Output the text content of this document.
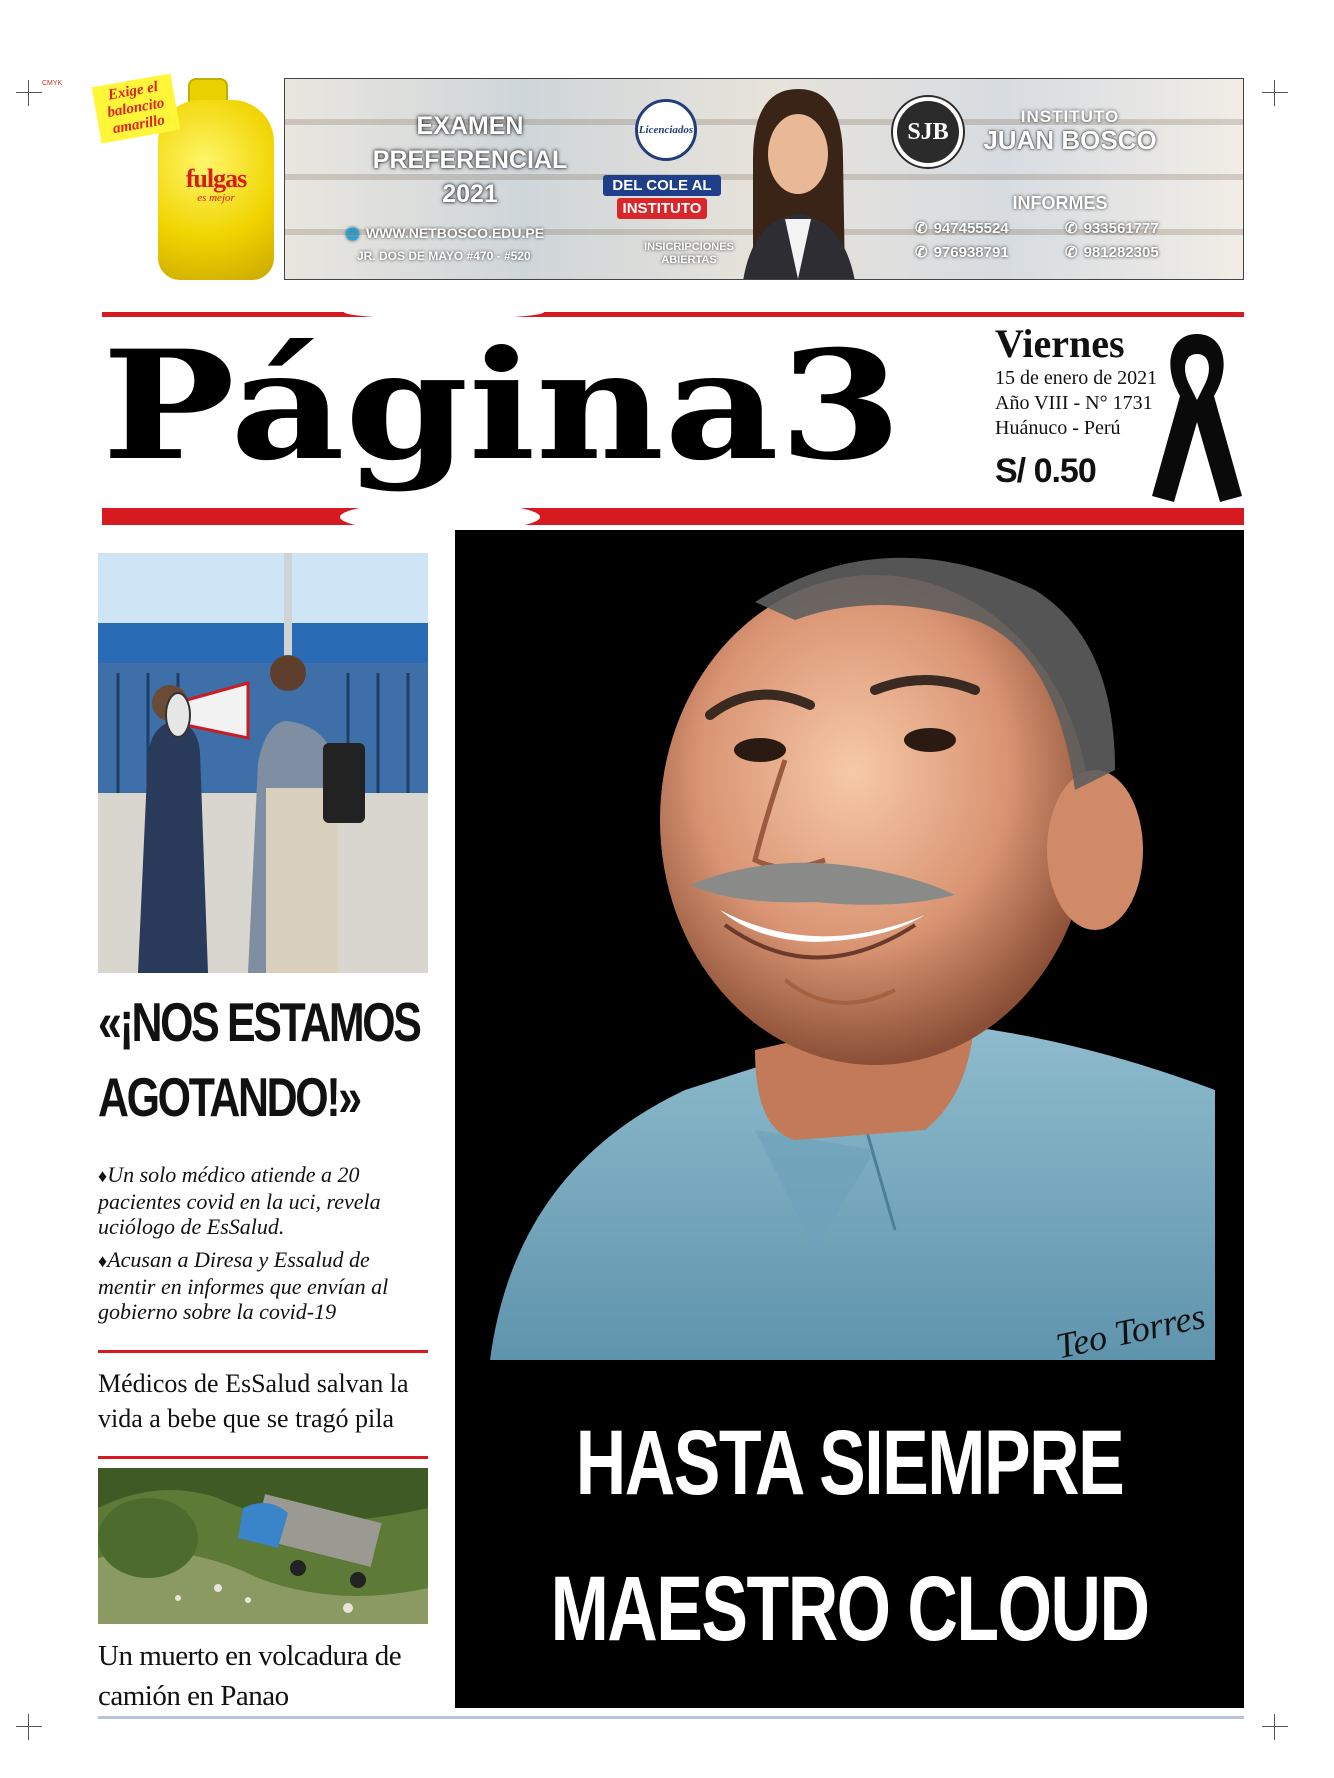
CMYK
fulgas
es mejor
Exige el baloncito amarillo	EXAMEN
PREFERENCIAL
2021
🌐 WWW.NETBOSCO.EDU.PE
JR. DOS DE MAYO #470 - #520
Licenciados
DEL COLE AL
INSTITUTO
INSICRIPCIONES ABIERTAS
SJB
INSTITUTO
JUAN BOSCO
INFORMES
✆ 947455524	✆ 933561777
✆ 976938791	✆ 981282305
Página3 Viernes
15 de enero de 2021
Año VIII - N° 1731
Huánuco - Perú
S/ 0.50
«¡NOS ESTAMOS
AGOTANDO!»

♦ Un solo médico atiende a 20 pacientes covid en la uci, revela uciólogo de EsSalud.

♦ Acusan a Diresa y Essalud de mentir en informes que envían al gobierno sobre la covid-19

Médicos de EsSalud salvan la vida a bebe que se tragó pila
Un muerto en volcadura de camión en Panao
Teo Torres
HASTA SIEMPRE
MAESTRO CLOUD
